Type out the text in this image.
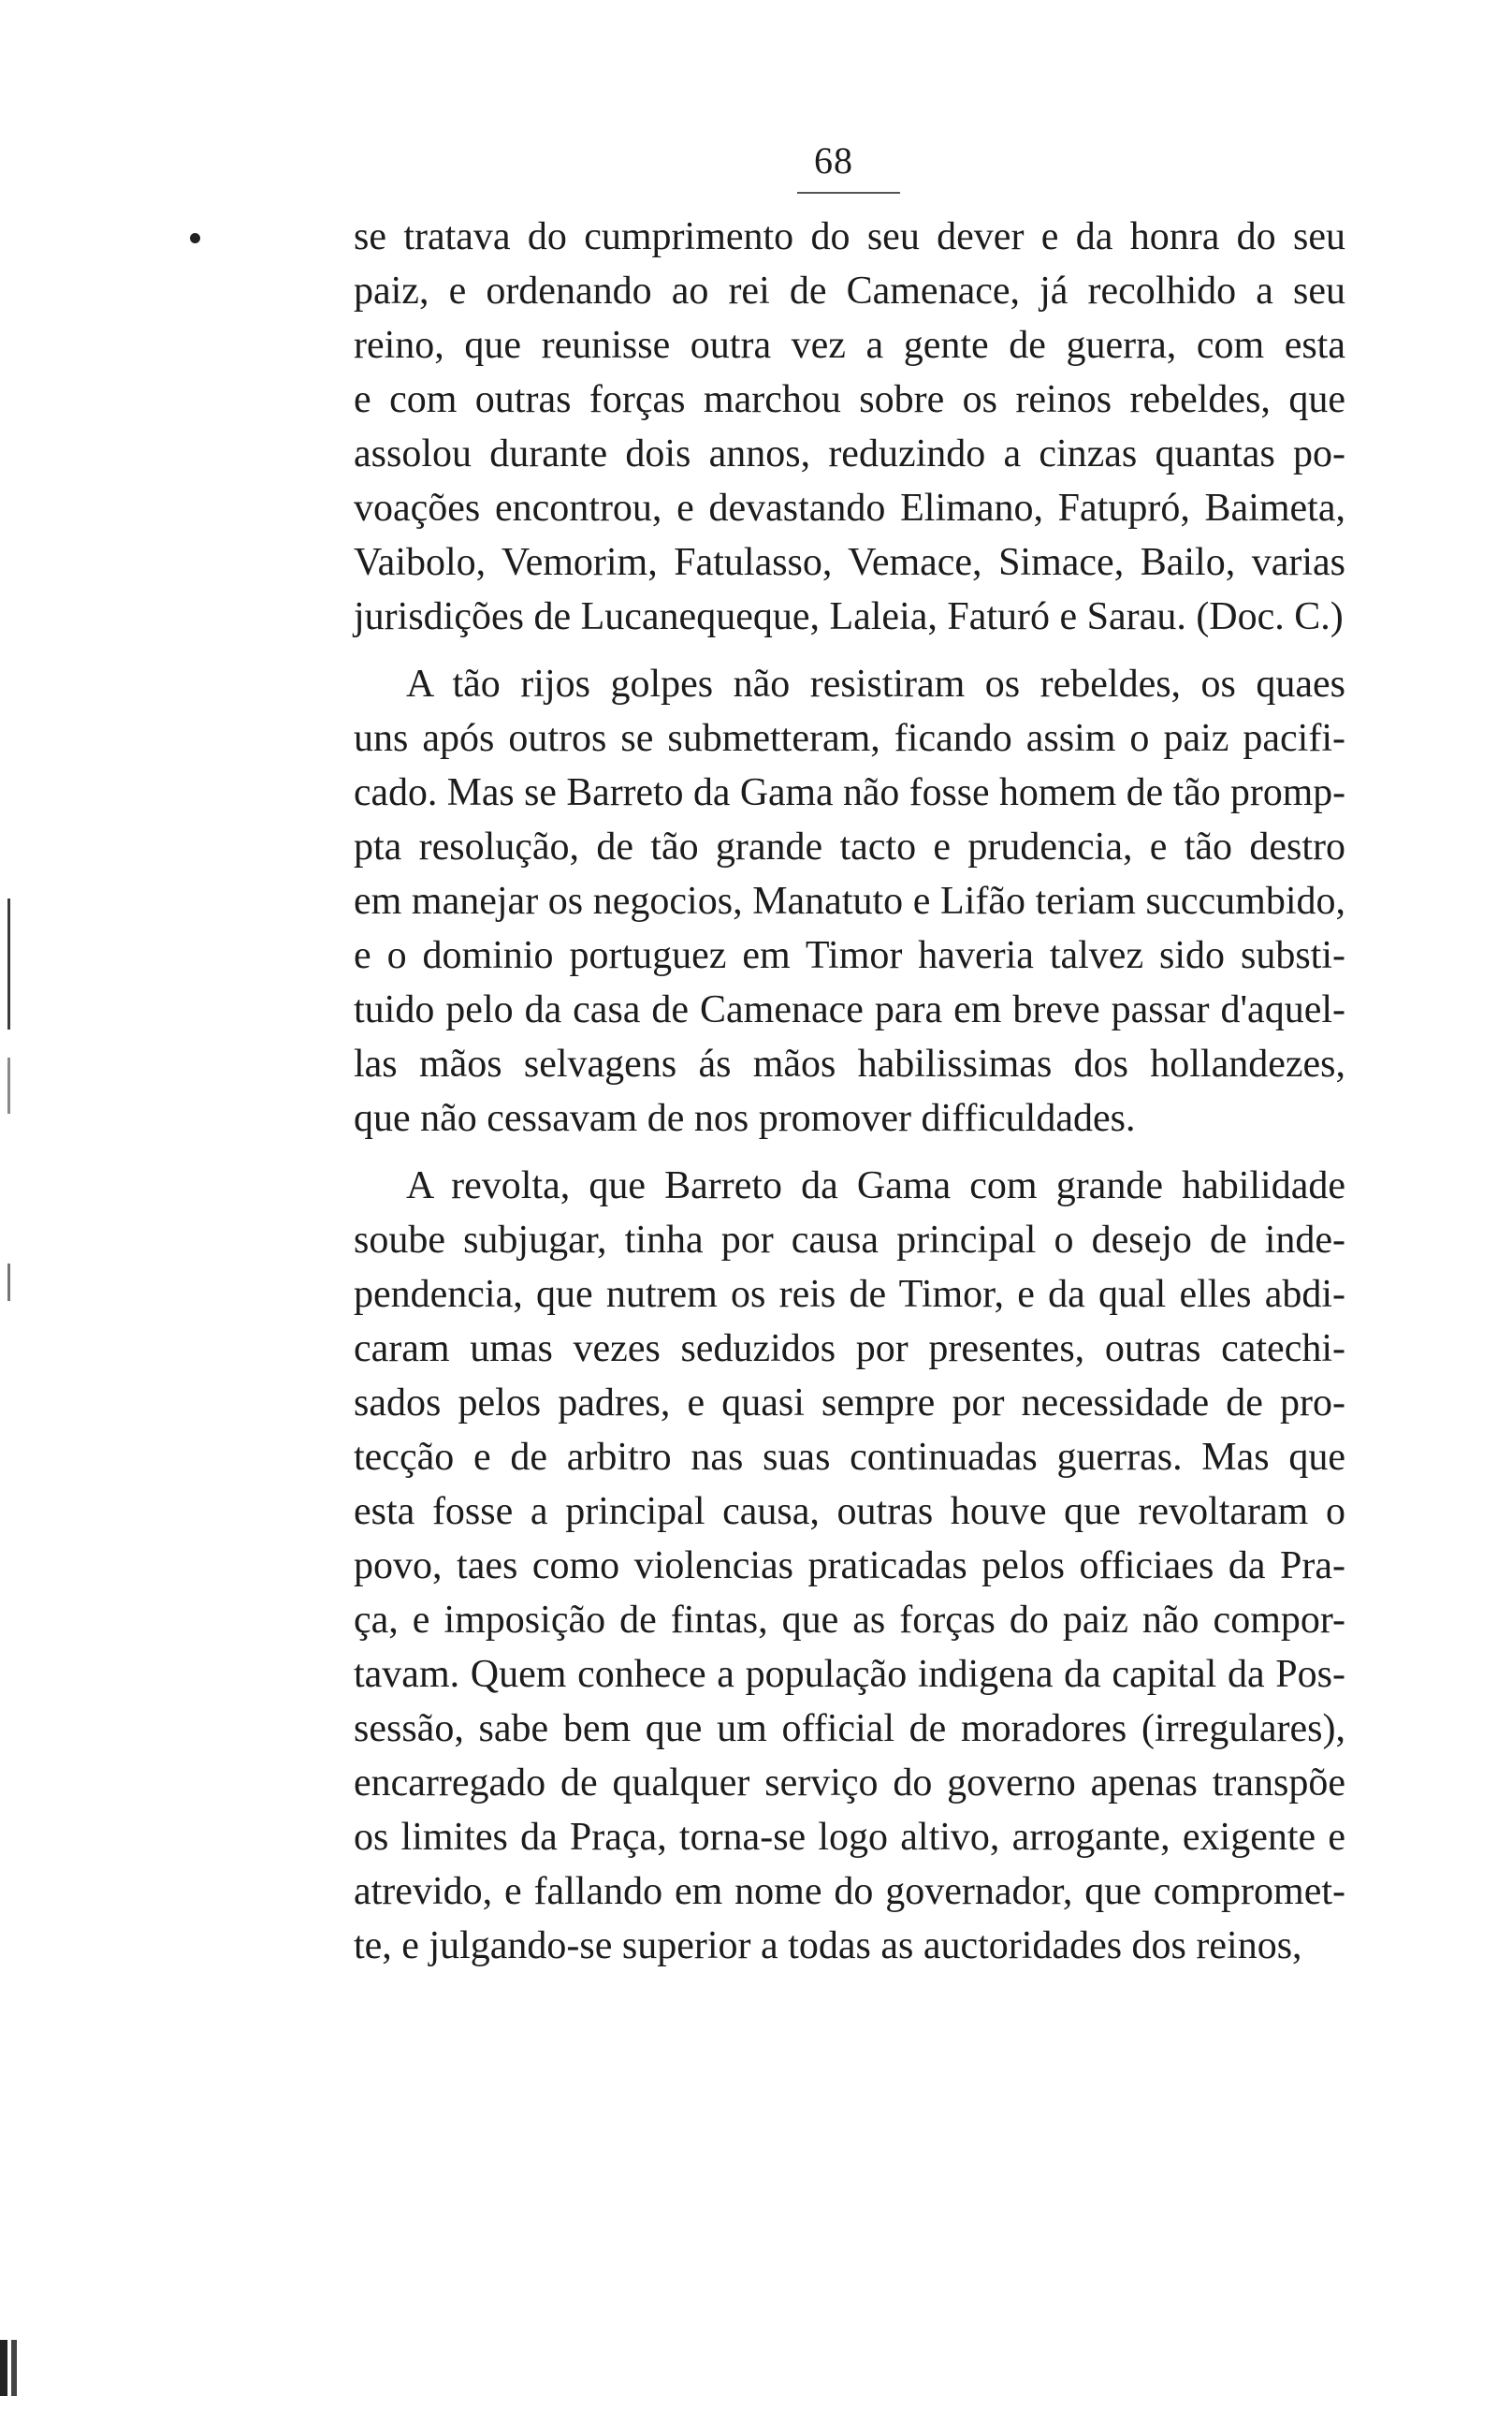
68
se tratava do cumprimento do seu dever e da honra do seu
paiz, e ordenando ao rei de Camenace, já recolhido a seu
reino, que reunisse outra vez a gente de guerra, com esta
e com outras forças marchou sobre os reinos rebeldes, que
assolou durante dois annos, reduzindo a cinzas quantas po-
voações encontrou, e devastando Elimano, Fatupró, Baimeta,
Vaibolo, Vemorim, Fatulasso, Vemace, Simace, Bailo, varias
jurisdições de Lucanequeque, Laleia, Faturó e Sarau. (Doc. C.)
A tão rijos golpes não resistiram os rebeldes, os quaes
uns após outros se submetteram, ficando assim o paiz pacifi-
cado. Mas se Barreto da Gama não fosse homem de tão promp-
pta resolução, de tão grande tacto e prudencia, e tão destro
em manejar os negocios, Manatuto e Lifão teriam succumbido,
e o dominio portuguez em Timor haveria talvez sido substi-
tuido pelo da casa de Camenace para em breve passar d'aquel-
las mãos selvagens ás mãos habilissimas dos hollandezes,
que não cessavam de nos promover difficuldades.
A revolta, que Barreto da Gama com grande habilidade
soube subjugar, tinha por causa principal o desejo de inde-
pendencia, que nutrem os reis de Timor, e da qual elles abdi-
caram umas vezes seduzidos por presentes, outras catechi-
sados pelos padres, e quasi sempre por necessidade de pro-
tecção e de arbitro nas suas continuadas guerras. Mas que
esta fosse a principal causa, outras houve que revoltaram o
povo, taes como violencias praticadas pelos officiaes da Pra-
ça, e imposição de fintas, que as forças do paiz não compor-
tavam. Quem conhece a população indigena da capital da Pos-
sessão, sabe bem que um official de moradores (irregulares),
encarregado de qualquer serviço do governo apenas transpõe
os limites da Praça, torna-se logo altivo, arrogante, exigente e
atrevido, e fallando em nome do governador, que compromet-
te, e julgando-se superior a todas as auctoridades dos reinos,
